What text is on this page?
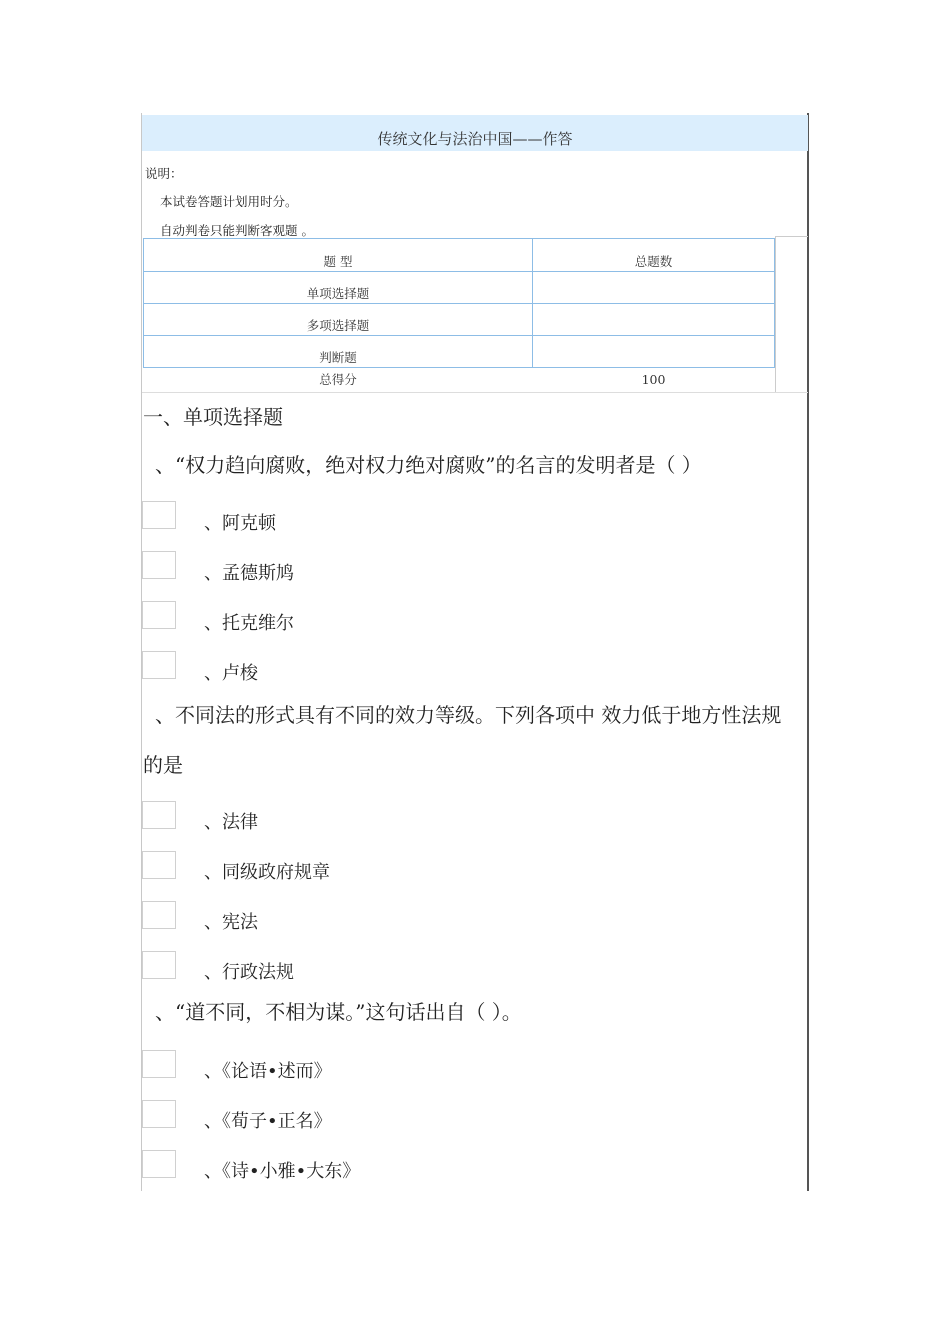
传统文化与法治中国——作答
说明：
本试卷答题计划用时分。
自动判卷只能判断客观题 。
题 型	总题数
单项选择题	
多项选择题	
判断题	
总得分	100
一、单项选择题
、“权力趋向腐败，绝对权力绝对腐败”的名言的发明者是（ ）
、阿克顿
、孟德斯鸠
、托克维尔
、卢梭
、不同法的形式具有不同的效力等级。下列各项中 效力低于地方性法规的是
、法律
、同级政府规章
、宪法
、行政法规
、“道不同，不相为谋。”这句话出自（ ）。
、《论语•述而》
、《荀子•正名》
、《诗•小雅•大东》
